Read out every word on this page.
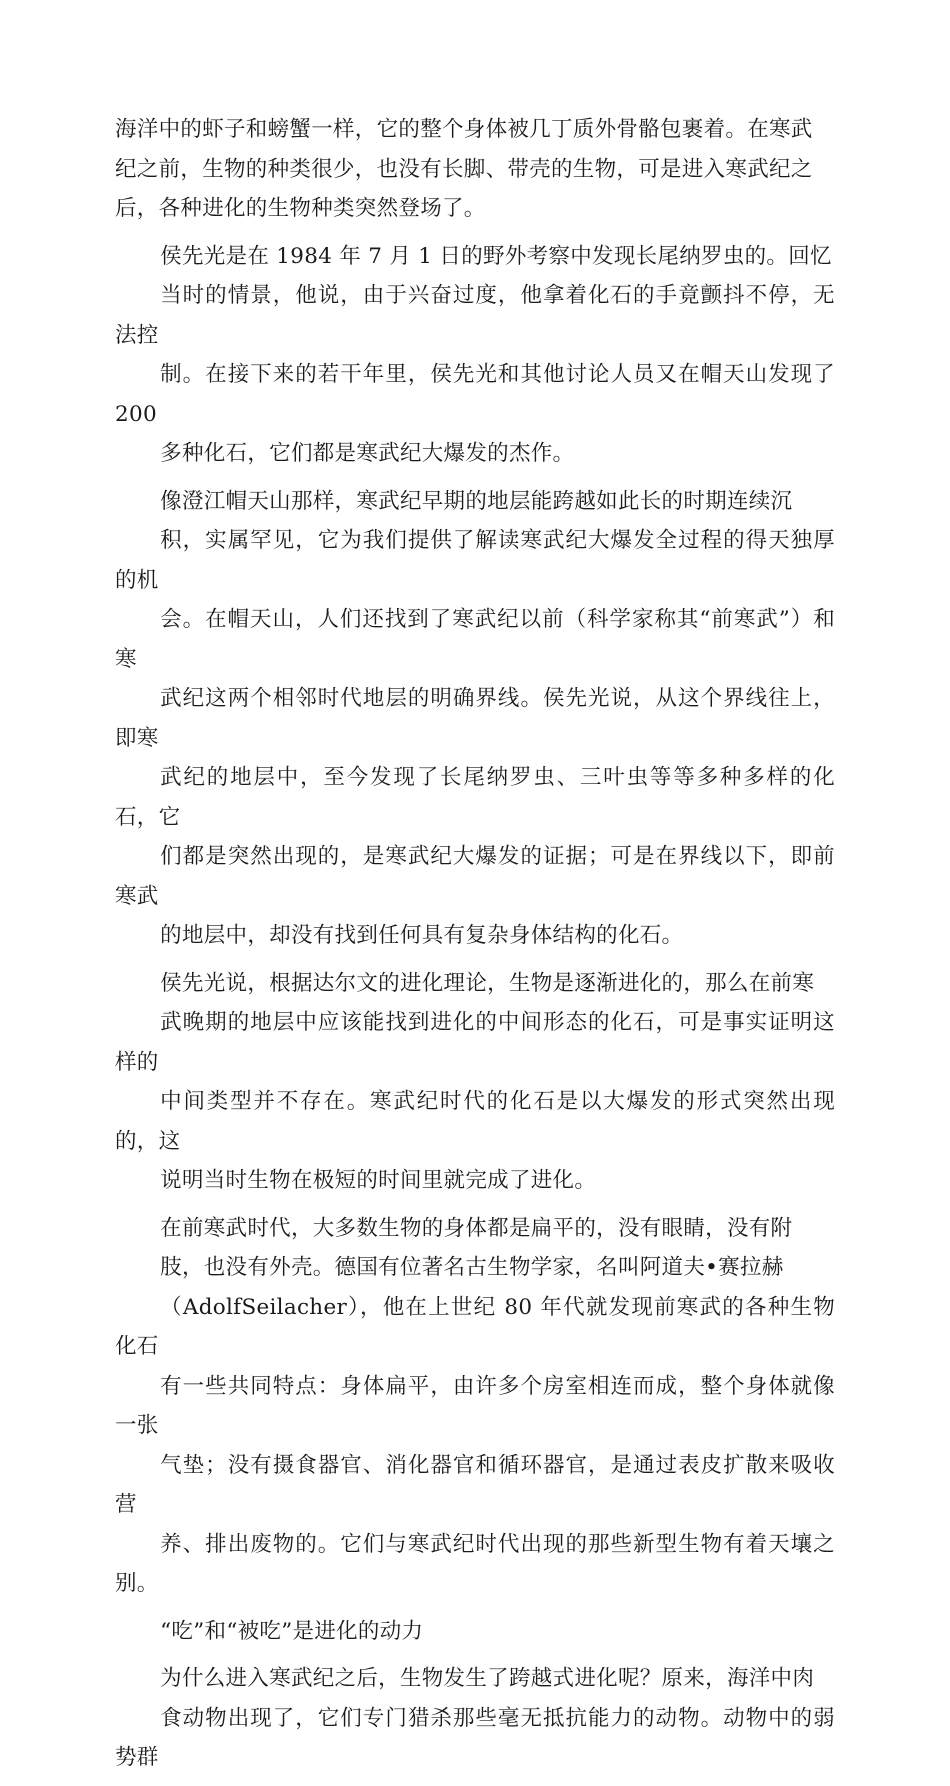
海洋中的虾子和螃蟹一样，它的整个身体被几丁质外骨骼包裹着。在寒武
纪之前，生物的种类很少，也没有长脚、带壳的生物，可是进入寒武纪之
后，各种进化的生物种类突然登场了。

侯先光是在 1984 年 7 月 1 日的野外考察中发现长尾纳罗虫的。回忆
当时的情景，他说，由于兴奋过度，他拿着化石的手竟颤抖不停，无法控
制。在接下来的若干年里，侯先光和其他讨论人员又在帽天山发现了 200
多种化石，它们都是寒武纪大爆发的杰作。

像澄江帽天山那样，寒武纪早期的地层能跨越如此长的时期连续沉
积，实属罕见，它为我们提供了解读寒武纪大爆发全过程的得天独厚的机
会。在帽天山，人们还找到了寒武纪以前（科学家称其“前寒武”）和寒
武纪这两个相邻时代地层的明确界线。侯先光说，从这个界线往上，即寒
武纪的地层中，至今发现了长尾纳罗虫、三叶虫等等多种多样的化石，它
们都是突然出现的，是寒武纪大爆发的证据；可是在界线以下，即前寒武
的地层中，却没有找到任何具有复杂身体结构的化石。

侯先光说，根据达尔文的进化理论，生物是逐渐进化的，那么在前寒
武晚期的地层中应该能找到进化的中间形态的化石，可是事实证明这样的
中间类型并不存在。寒武纪时代的化石是以大爆发的形式突然出现的，这
说明当时生物在极短的时间里就完成了进化。

在前寒武时代，大多数生物的身体都是扁平的，没有眼睛，没有附
肢，也没有外壳。德国有位著名古生物学家，名叫阿道夫•赛拉赫
（AdolfSeilacher），他在上世纪 80 年代就发现前寒武的各种生物化石
有一些共同特点：身体扁平，由许多个房室相连而成，整个身体就像一张
气垫；没有摄食器官、消化器官和循环器官，是通过表皮扩散来吸收营
养、排出废物的。它们与寒武纪时代出现的那些新型生物有着天壤之别。

“吃”和“被吃”是进化的动力

为什么进入寒武纪之后，生物发生了跨越式进化呢？原来，海洋中肉
食动物出现了，它们专门猎杀那些毫无抵抗能力的动物。动物中的弱势群
